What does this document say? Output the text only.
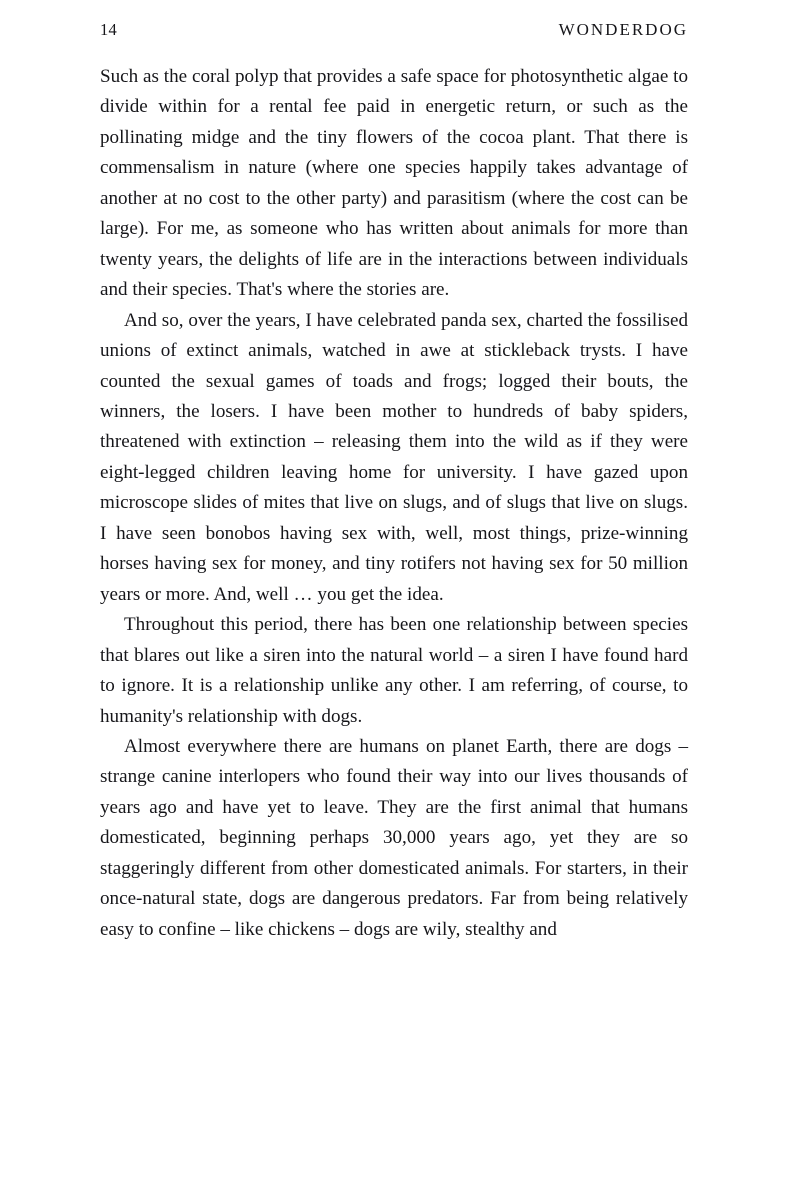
14	WONDERDOG

Such as the coral polyp that provides a safe space for photosynthetic algae to divide within for a rental fee paid in energetic return, or such as the pollinating midge and the tiny flowers of the cocoa plant. That there is commensalism in nature (where one species happily takes advantage of another at no cost to the other party) and parasitism (where the cost can be large). For me, as someone who has written about animals for more than twenty years, the delights of life are in the interactions between individuals and their species. That's where the stories are.

And so, over the years, I have celebrated panda sex, charted the fossilised unions of extinct animals, watched in awe at stickleback trysts. I have counted the sexual games of toads and frogs; logged their bouts, the winners, the losers. I have been mother to hundreds of baby spiders, threatened with extinction – releasing them into the wild as if they were eight-legged children leaving home for university. I have gazed upon microscope slides of mites that live on slugs, and of slugs that live on slugs. I have seen bonobos having sex with, well, most things, prize-winning horses having sex for money, and tiny rotifers not having sex for 50 million years or more. And, well … you get the idea.

Throughout this period, there has been one relationship between species that blares out like a siren into the natural world – a siren I have found hard to ignore. It is a relationship unlike any other. I am referring, of course, to humanity's relationship with dogs.

Almost everywhere there are humans on planet Earth, there are dogs – strange canine interlopers who found their way into our lives thousands of years ago and have yet to leave. They are the first animal that humans domesticated, beginning perhaps 30,000 years ago, yet they are so staggeringly different from other domesticated animals. For starters, in their once-natural state, dogs are dangerous predators. Far from being relatively easy to confine – like chickens – dogs are wily, stealthy and
